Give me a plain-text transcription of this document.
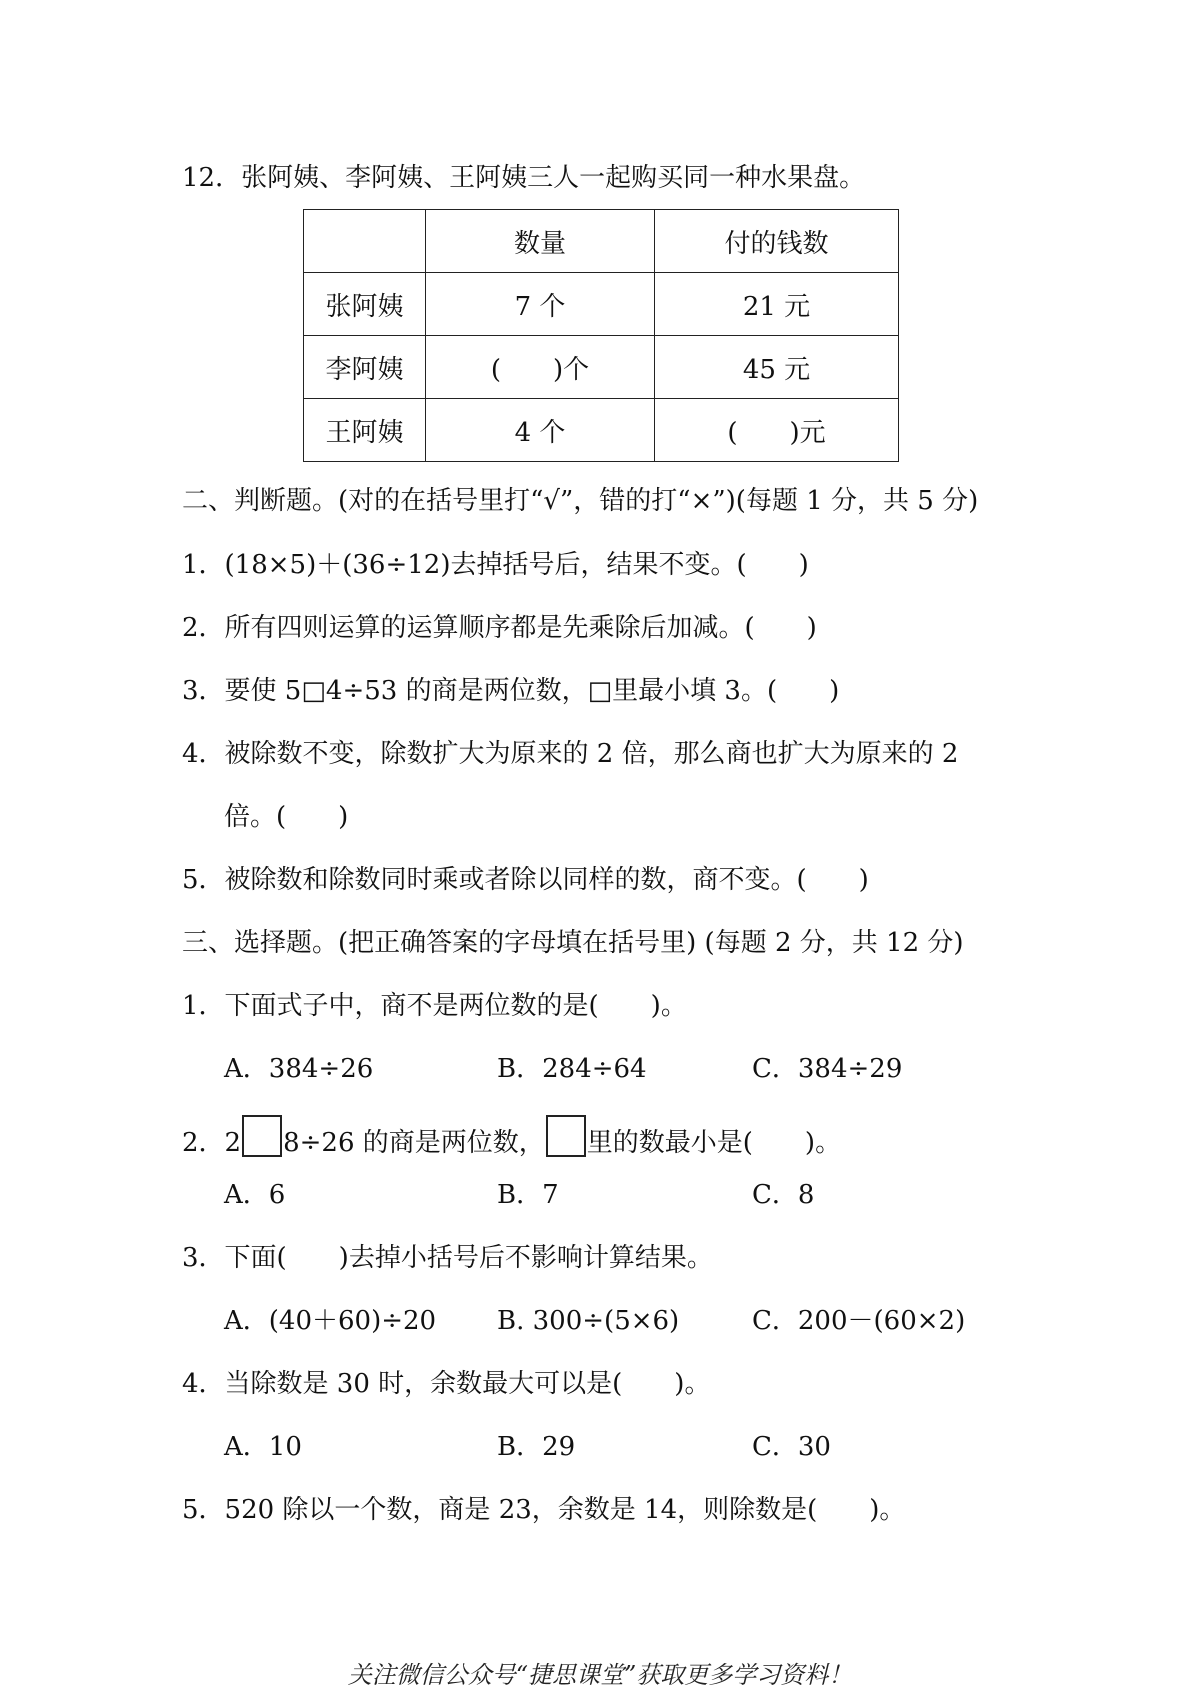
12．张阿姨、李阿姨、王阿姨三人一起购买同一种水果盘。
	数量	付的钱数
张阿姨	7 个	21 元
李阿姨	(　　)个	45 元
王阿姨	4 个	(　　)元
二、判断题。(对的在括号里打“√”，错的打“×”)(每题 1 分，共 5 分)
1．(18×5)＋(36÷12)去掉括号后，结果不变。(　　)
2．所有四则运算的运算顺序都是先乘除后加减。(　　)
3．要使 5□4÷53 的商是两位数，□里最小填 3。(　　)
4．被除数不变，除数扩大为原来的 2 倍，那么商也扩大为原来的 2
倍。(　　)
5．被除数和除数同时乘或者除以同样的数，商不变。(　　)
三、选择题。(把正确答案的字母填在括号里) (每题 2 分，共 12 分)
1．下面式子中，商不是两位数的是(　　)。
A．384÷26	B．284÷64	C．384÷29
2．2 8÷26 的商是两位数， 里的数最小是(　　)。
A．6	B．7	C．8
3．下面(　　)去掉小括号后不影响计算结果。
A．(40＋60)÷20 B. 300÷(5×6)	C．200－(60×2)
4．当除数是 30 时，余数最大可以是(　　)。
A．10	B．29	C．30
5．520 除以一个数，商是 23，余数是 14，则除数是(　　)。
关注微信公众号“捷思课堂”获取更多学习资料！
